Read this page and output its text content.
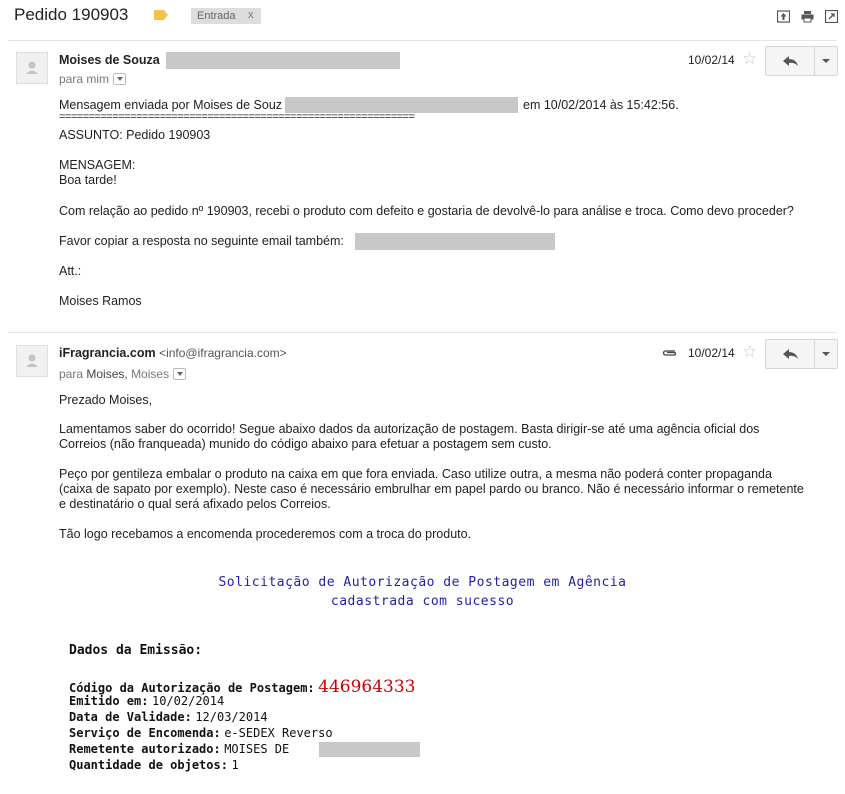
Pedido 190903	Entrada x
Moises de Souza
para mim
10/02/14 ☆
Mensagem enviada por Moises de Souz	em 10/02/2014 às 15:42:56.
============================================================
ASSUNTO: Pedido 190903
MENSAGEM:
Boa tarde!
Com relação ao pedido nº 190903, recebi o produto com defeito e gostaria de devolvê-lo para análise e troca. Como devo proceder?
Favor copiar a resposta no seguinte email também:
Att.:
Moises Ramos
iFragrancia.com <info@ifragrancia.com>
para Moises, Moises
10/02/14 ☆
Prezado Moises,
Lamentamos saber do ocorrido! Segue abaixo dados da autorização de postagem. Basta dirigir-se até uma agência oficial dos
Correios (não franqueada) munido do código abaixo para efetuar a postagem sem custo.
Peço por gentileza embalar o produto na caixa em que fora enviada. Caso utilize outra, a mesma não poderá conter propaganda
(caixa de sapato por exemplo). Neste caso é necessário embrulhar em papel pardo ou branco. Não é necessário informar o remetente
e destinatário o qual será afixado pelos Correios.
Tão logo recebamos a encomenda procederemos com a troca do produto.
Solicitação de Autorização de Postagem em Agência
cadastrada com sucesso
Dados da Emissão:
Código da Autorização de Postagem: 446964333
Emitido em: 10/02/2014
Data de Validade: 12/03/2014
Serviço de Encomenda: e-SEDEX Reverso
Remetente autorizado: MOISES DE
Quantidade de objetos: 1
